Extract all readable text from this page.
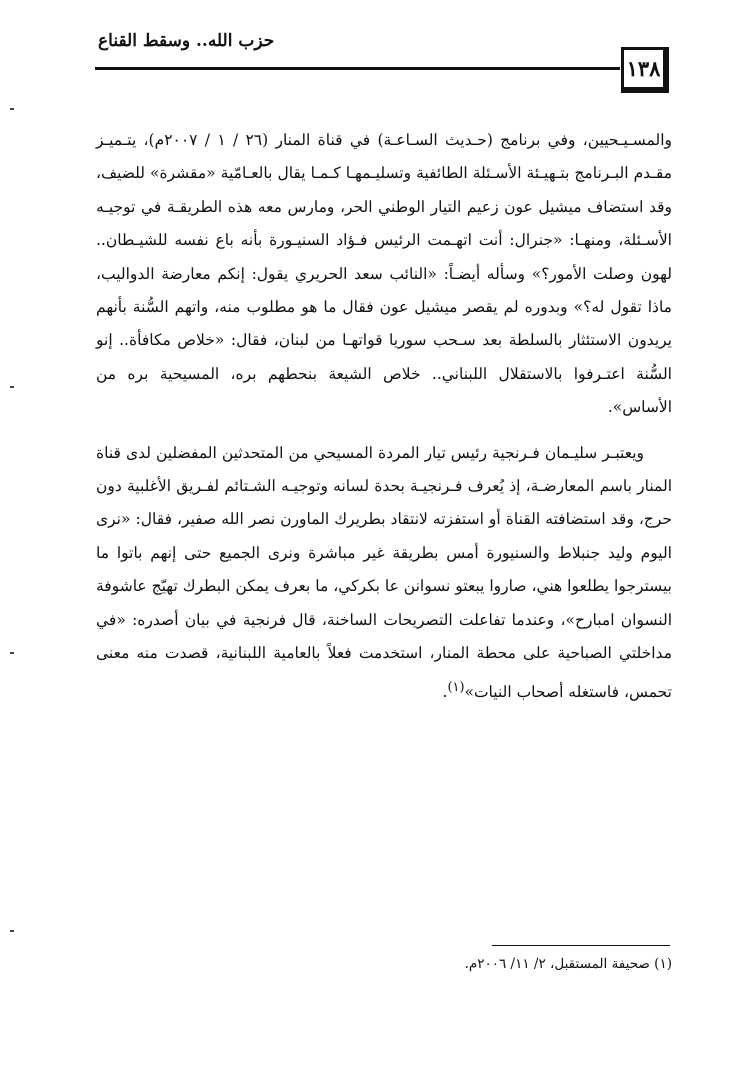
حزب الله.. وسقط القناع
١٣٨

والمسـيـحيين، وفي برنامج (حـديث السـاعـة) في قناة المنار (٢٦ / ١ / ٢٠٠٧م)، يتـميـز مقـدم البـرنامج بتـهيـئة الأسـئلة الطائفية وتسليـمهـا كـمـا يقال بالعـامّية «مقشرة» للضيف، وقد استضاف ميشيل عون زعيم التيار الوطني الحر، ومارس معه هذه الطريقـة في توجيـه الأسـئلة، ومنهـا: «جنرال: أنت اتهـمت الرئيس فـؤاد السنيـورة بأنه باع نفسه للشيـطان.. لهون وصلت الأمور؟» وسأله أيضـاً: «النائب سعد الحريري يقول: إنكم معارضة الدواليب، ماذا تقول له؟» وبدوره لم يقصر ميشيل عون فقال ما هو مطلوب منه، واتهم السُّنة بأنهم يريدون الاستئثار بالسلطة بعد سـحب سوريا قواتهـا من لبنان، فقال: «خلاص مكافأة.. إنو السُّنة اعتـرفوا بالاستقلال اللبناني.. خلاص الشيعة بنحطهم بره، المسيحية بره من الأساس».

ويعتبـر سليـمان فـرنجية رئيس تيار المردة المسيحي من المتحدثين المفضلين لدى قناة المنار باسم المعارضـة، إذ يُعرف فـرنجيـة بحدة لسانه وتوجيـه الشـتائم لفـريق الأغلبية دون حرج، وقد استضافته القناة أو استفزته لانتقاد بطريرك الماورن نصر الله صفير، فقال: «نرى اليوم وليد جنبلاط والسنيورة أمس بطريقة غير مباشرة ونرى الجميع حتى إنهم باتوا ما بيسترجوا يطلعوا هني، صاروا يبعتو نسوانن عا بكركي، ما بعرف يمكن البطرك تهيّج عاشوفة النسوان امبارح»، وعندما تفاعلت التصريحات الساخنة، قال فرنجية في بيان أصدره: «في مداخلتي الصباحية على محطة المنار، استخدمت فعلاً بالعامية اللبنانية، قصدت منه معنى تحمس، فاستغله أصحاب النيات»$^{(١)}$.

(١) صحيفة المستقبل، ٢/ ١١/ ٢٠٠٦م.
